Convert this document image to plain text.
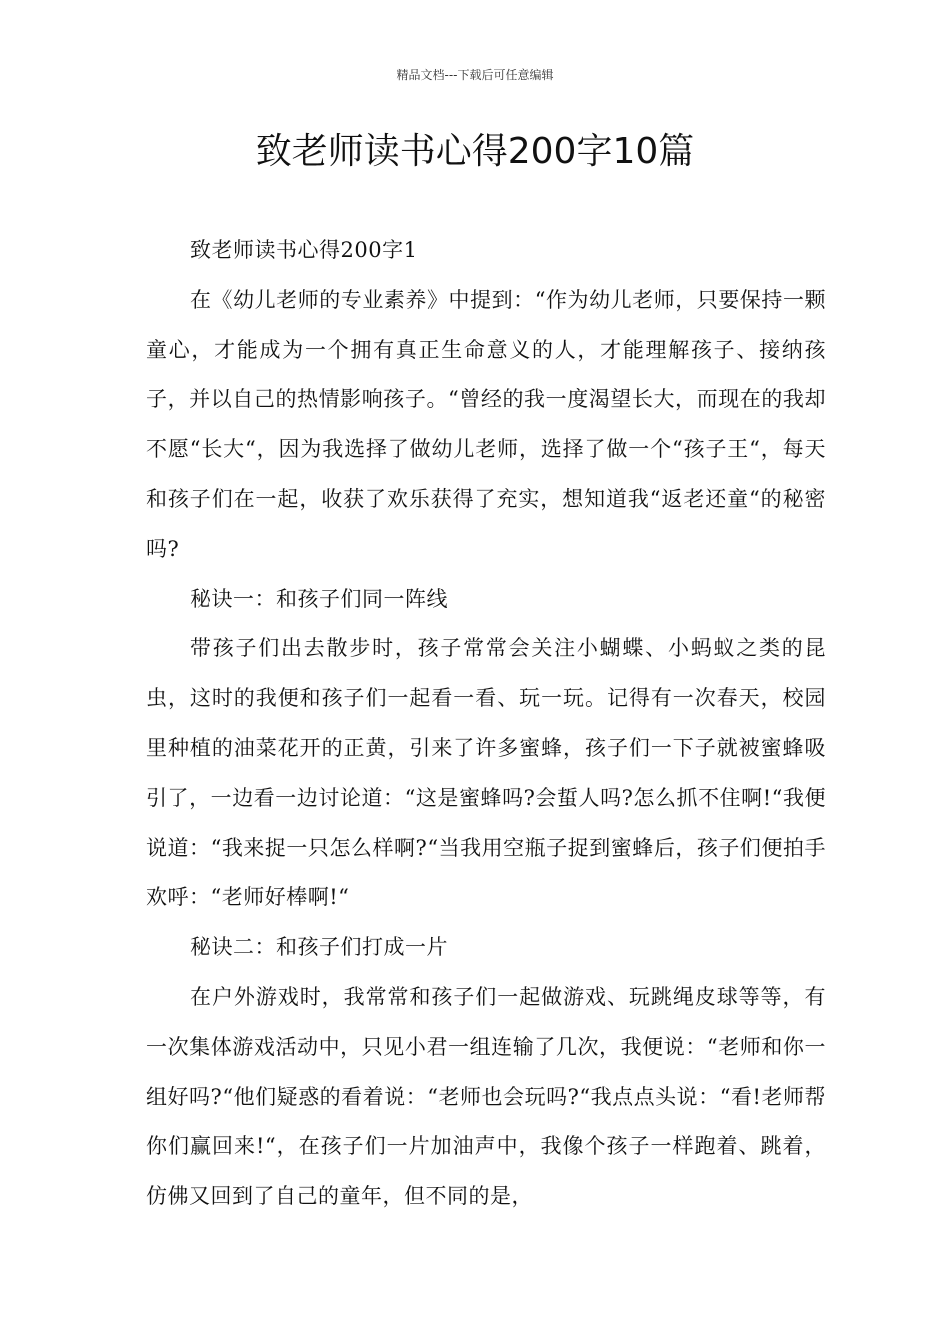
精品文档---下载后可任意编辑
致老师读书心得200字10篇

致老师读书心得200字1

在《幼儿老师的专业素养》中提到：“作为幼儿老师，只要保持一颗童心，才能成为一个拥有真正生命意义的人，才能理解孩子、接纳孩子，并以自己的热情影响孩子。“曾经的我一度渴望长大，而现在的我却不愿“长大“，因为我选择了做幼儿老师，选择了做一个“孩子王“，每天和孩子们在一起，收获了欢乐获得了充实，想知道我“返老还童“的秘密吗?

秘诀一：和孩子们同一阵线

带孩子们出去散步时，孩子常常会关注小蝴蝶、小蚂蚁之类的昆虫，这时的我便和孩子们一起看一看、玩一玩。记得有一次春天，校园里种植的油菜花开的正黄，引来了许多蜜蜂，孩子们一下子就被蜜蜂吸引了，一边看一边讨论道：“这是蜜蜂吗?会蜇人吗?怎么抓不住啊!“我便说道：“我来捉一只怎么样啊?“当我用空瓶子捉到蜜蜂后，孩子们便拍手欢呼：“老师好棒啊!“

秘诀二：和孩子们打成一片

在户外游戏时，我常常和孩子们一起做游戏、玩跳绳皮球等等，有一次集体游戏活动中，只见小君一组连输了几次，我便说：“老师和你一组好吗?“他们疑惑的看着说：“老师也会玩吗?“我点点头说：“看!老师帮你们赢回来!“，在孩子们一片加油声中，我像个孩子一样跑着、跳着，仿佛又回到了自己的童年，但不同的是，
